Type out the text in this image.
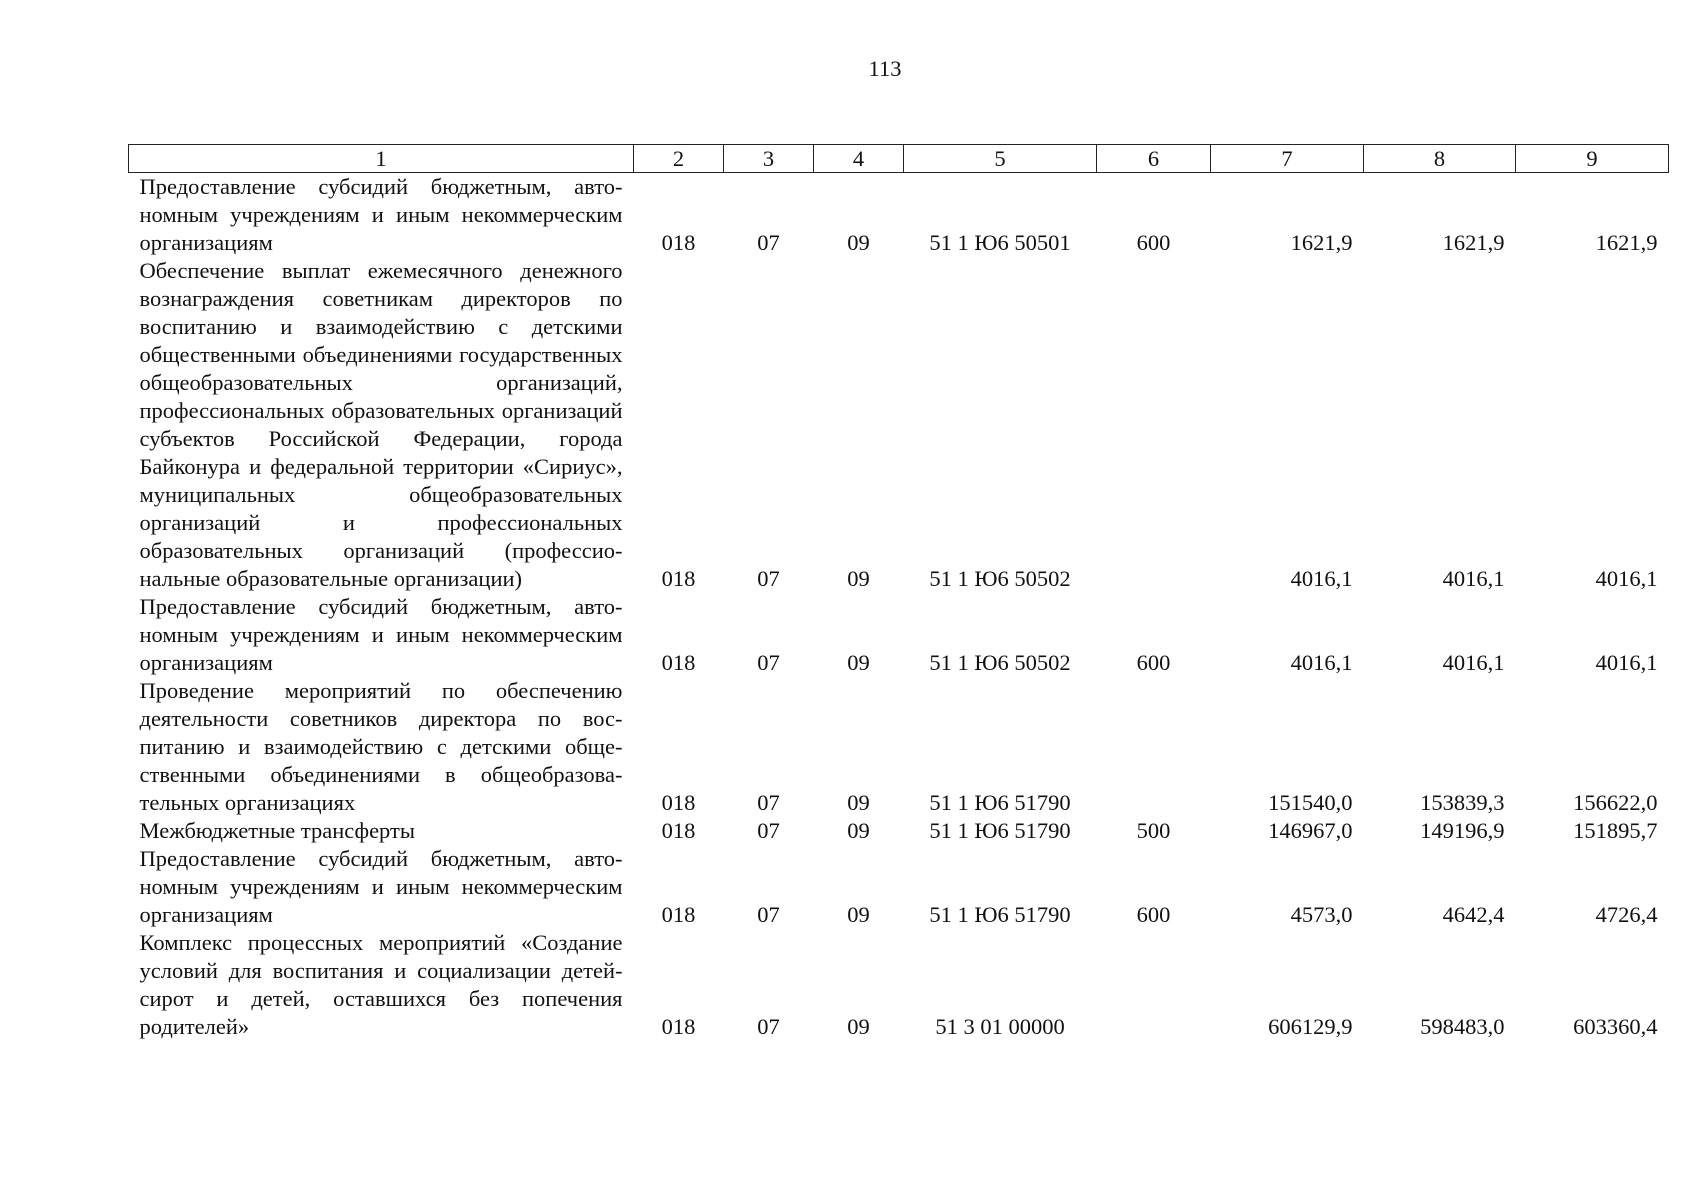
113
1	2	3	4	5	6	7	8	9
Предоставление субсидий бюджетным, автономным учреждениям и иным некоммерческим организациям	018	07	09	51 1 Ю6 50501	600	1621,9	1621,9	1621,9
Обеспечение выплат ежемесячного денежного вознаграждения советникам директоров по воспитанию и взаимодействию с детскими общественными объединениями государственных общеобразовательных организаций, профессиональных образовательных организаций субъектов Российской Федерации, города Байконура и федеральной территории «Сириус», муниципальных общеобразовательных организаций и профессиональных образовательных организаций (профессиональные образовательные организации)	018	07	09	51 1 Ю6 50502		4016,1	4016,1	4016,1
Предоставление субсидий бюджетным, автономным учреждениям и иным некоммерческим организациям	018	07	09	51 1 Ю6 50502	600	4016,1	4016,1	4016,1
Проведение мероприятий по обеспечению деятельности советников директора по воспитанию и взаимодействию с детскими общественными объединениями в общеобразовательных организациях	018	07	09	51 1 Ю6 51790		151540,0	153839,3	156622,0
Межбюджетные трансферты	018	07	09	51 1 Ю6 51790	500	146967,0	149196,9	151895,7
Предоставление субсидий бюджетным, автономным учреждениям и иным некоммерческим организациям	018	07	09	51 1 Ю6 51790	600	4573,0	4642,4	4726,4
Комплекс процессных мероприятий «Создание условий для воспитания и социализации детей-сирот и детей, оставшихся без попечения родителей»	018	07	09	51 3 01 00000		606129,9	598483,0	603360,4
